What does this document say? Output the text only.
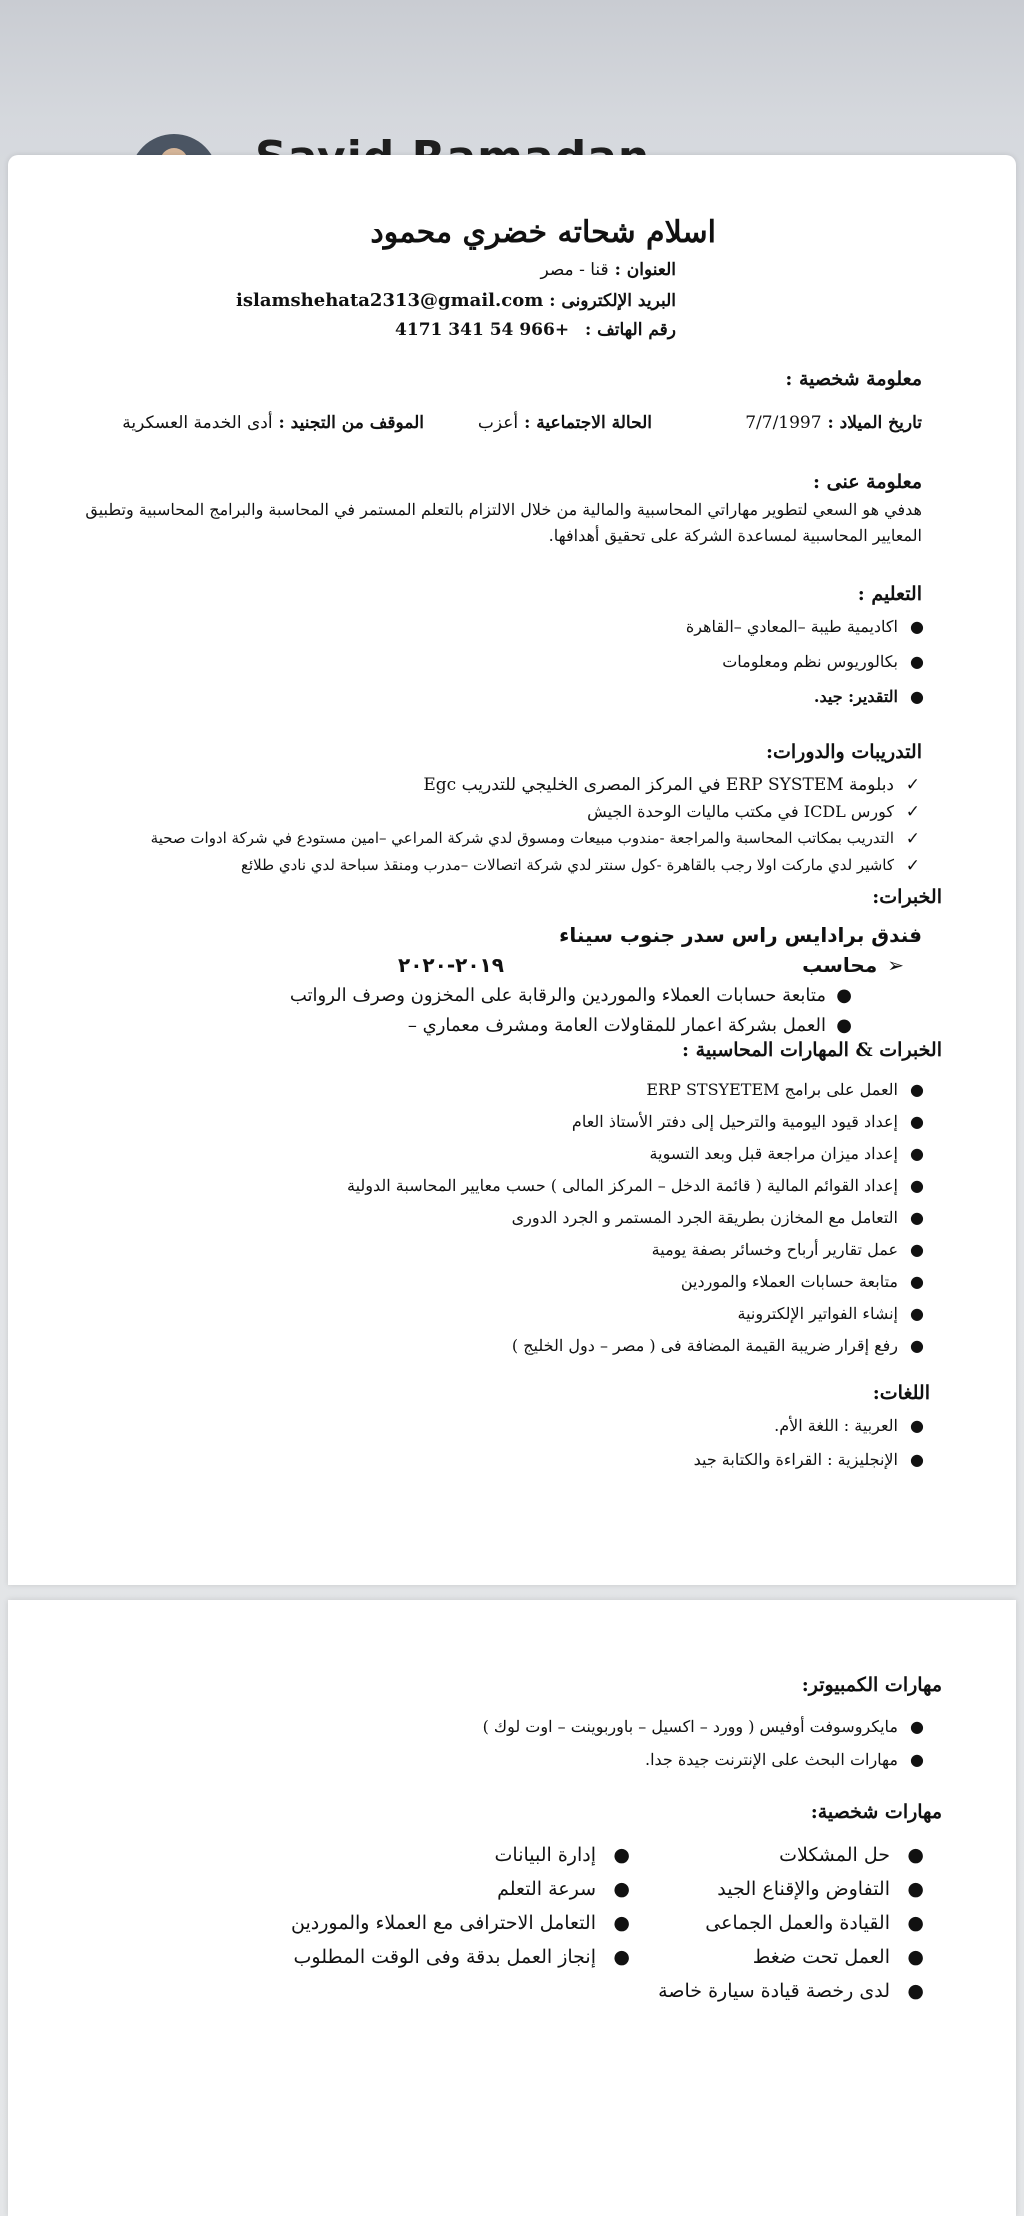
اسلام شحاته خضري محمود
العنوان : قنا - مصر
البريد الإلكترونى : islamshehata2313@gmail.com
رقم الهاتف : +966 54 341 4171
معلومة شخصية :
تاريخ الميلاد : 7/7/1997
الحالة الاجتماعية : أعزب
الموقف من التجنيد : أدى الخدمة العسكرية
معلومة عنى :
هدفي هو السعي لتطوير مهاراتي المحاسبية والمالية من خلال الالتزام بالتعلم المستمر في المحاسبة والبرامج المحاسبية وتطبيق
المعايير المحاسبية لمساعدة الشركة على تحقيق أهدافها.
التعليم :
●
اكاديمية طيبة –المعادي –القاهرة
●
بكالوريوس نظم ومعلومات
●
التقدير: جيد.
التدريبات والدورات:
✓
دبلومة ERP SYSTEM في المركز المصرى الخليجي للتدريب Egc
✓
كورس ICDL في مكتب ماليات الوحدة الجيش
✓
التدريب بمكاتب المحاسبة والمراجعة -مندوب مبيعات ومسوق لدي شركة المراعي –امين مستودع في شركة ادوات صحية
✓
كاشير لدي ماركت اولا رجب بالقاهرة -كول سنتر لدي شركة اتصالات –مدرب ومنقذ سباحة لدي نادي طلائع
الخبرات:
فندق برادايس راس سدر جنوب سيناء
➢محاسب
٢٠١٩-٢٠٢٠
●
متابعة حسابات العملاء والموردين والرقابة على المخزون وصرف الرواتب
●
العمل بشركة اعمار للمقاولات العامة ومشرف معماري –
الخبرات & المهارات المحاسبية :
●
العمل على برامج ERP STSYETEM
●
إعداد قيود اليومية والترحيل إلى دفتر الأستاذ العام
●
إعداد ميزان مراجعة قبل وبعد التسوية
●
إعداد القوائم المالية ( قائمة الدخل – المركز المالى ) حسب معايير المحاسبة الدولية
●
التعامل مع المخازن بطريقة الجرد المستمر و الجرد الدورى
●
عمل تقارير أرباح وخسائر بصفة يومية
●
متابعة حسابات العملاء والموردين
●
إنشاء الفواتير الإلكترونية
●
رفع إقرار ضريبة القيمة المضافة فى ( مصر – دول الخليج )
اللغات:
●
العربية : اللغة الأم.
●
الإنجليزية : القراءة والكتابة جيد
مهارات الكمبيوتر:
●
مايكروسوفت أوفيس ( وورد – اكسيل – باوربوينت – اوت لوك )
●
مهارات البحث على الإنترنت جيدة جدا.
مهارات شخصية:
●
حل المشكلات
●
التفاوض والإقناع الجيد
●
القيادة والعمل الجماعى
●
العمل تحت ضغط
●
لدى رخصة قيادة سيارة خاصة
●
إدارة البيانات
●
سرعة التعلم
●
التعامل الاحترافى مع العملاء والموردين
●
إنجاز العمل بدقة وفى الوقت المطلوب
